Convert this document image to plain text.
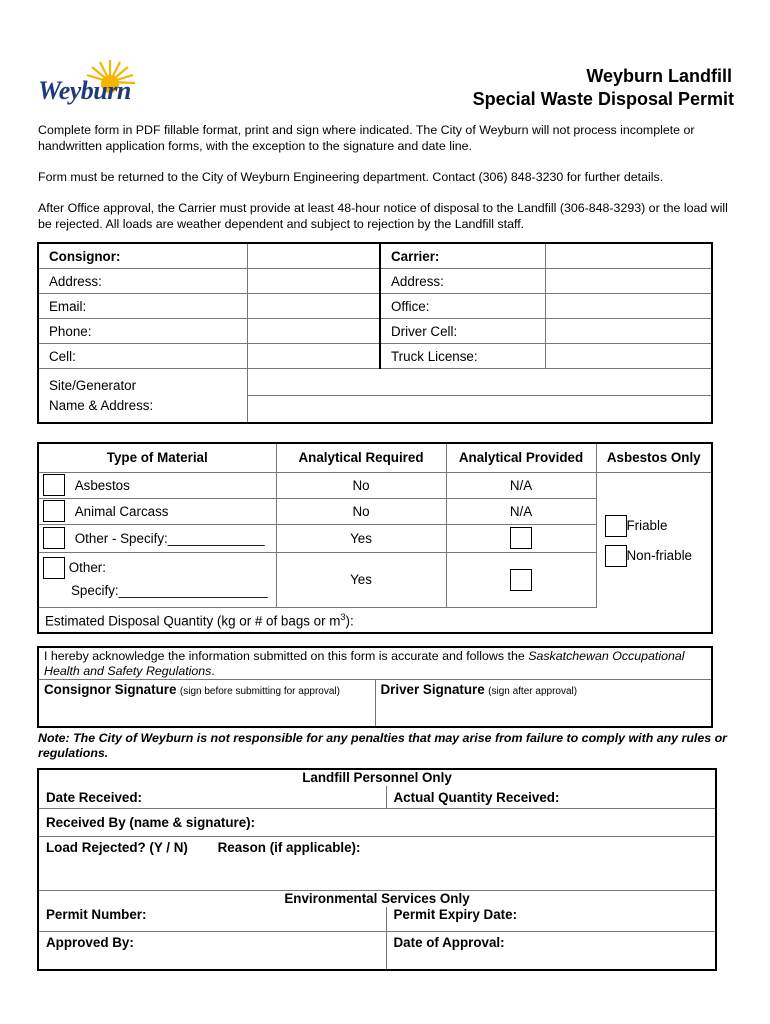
Weyburn	Weyburn Landfill
Special Waste Disposal Permit
Complete form in PDF fillable format, print and sign where indicated. The City of Weyburn will not process incomplete or handwritten application forms, with the exception to the signature and date line.
Form must be returned to the City of Weyburn Engineering department. Contact (306) 848-3230 for further details.
After Office approval, the Carrier must provide at least 48-hour notice of disposal to the Landfill (306-848-3293) or the load will be rejected. All loads are weather dependent and subject to rejection by the Landfill staff.
Consignor:		Carrier:	
Address:		Address:	
Email:		Office:	
Phone:		Driver Cell:	
Cell:		Truck License:	
Site/Generator
Name & Address:			

Type of Material	Analytical Required	Analytical Provided	Asbestos Only
Asbestos	No	N/A	Friable
Non-friable

Animal Carcass	No	N/A	
Other - Specify:_____________	Yes		
Other:
Specify:____________________	Yes		
Estimated Disposal Quantity (kg or # of bags or $m^3$):			
I hereby acknowledge the information submitted on this form is accurate and follows the Saskatchewan Occupational Health and Safety Regulations.
Consignor Signature (sign before submitting for approval)	Driver Signature (sign after approval)
Note: The City of Weyburn is not responsible for any penalties that may arise from failure to comply with any rules or regulations.
Landfill Personnel Only	
Date Received:	Actual Quantity Received:
Received By (name & signature):	
Load Rejected? (Y / N) Reason (if applicable):	
Environmental Services Only	
Permit Number:	Permit Expiry Date:
Approved By:	Date of Approval:
